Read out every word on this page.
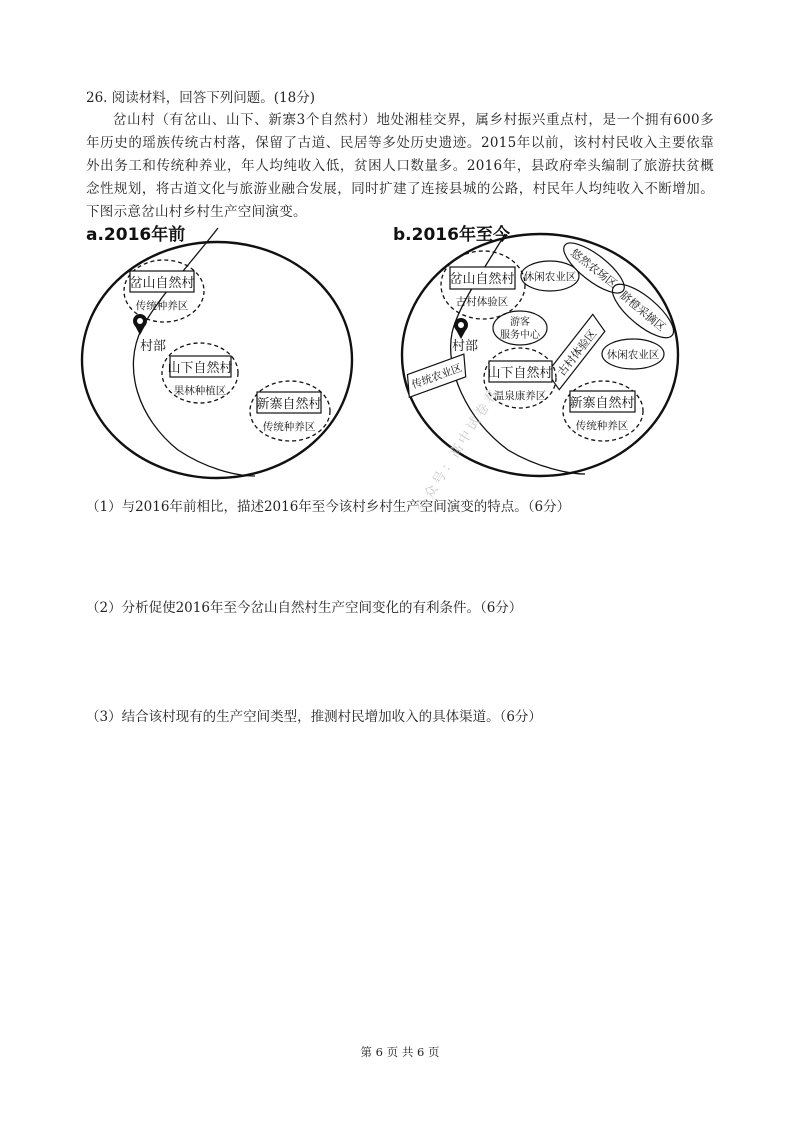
26. 阅读材料，回答下列问题。(18分)
岔山村（有岔山、山下、新寨3个自然村）地处湘桂交界，属乡村振兴重点村，是一个拥有600多年历史的瑶族传统古村落，保留了古道、民居等多处历史遗迹。2015年以前，该村村民收入主要依靠外出务工和传统种养业，年人均纯收入低，贫困人口数量多。2016年，县政府牵头编制了旅游扶贫概念性规划，将古道文化与旅游业融合发展，同时扩建了连接县城的公路，村民年人均纯收入不断增加。下图示意岔山村乡村生产空间演变。
a.2016年前
岔山自然村
传统种养区
村部
山下自然村
果林种植区
新寨自然村
传统种养区
b.2016年至今
岔山自然村
古村体验区
村部
游客
服务中心
休闲农业区
悠然农场区
脐橙采摘区
古村体验区 休闲农业区
传统农业区 山下自然村
温泉康养区 新寨自然村
传统种养区
（1）与2016年前相比，描述2016年至今该村乡村生产空间演变的特点。（6分）
公众号：高中试卷君
（2）分析促使2016年至今岔山自然村生产空间变化的有利条件。（6分）
（3）结合该村现有的生产空间类型，推测村民增加收入的具体渠道。（6分）
第 6 页 共 6 页
